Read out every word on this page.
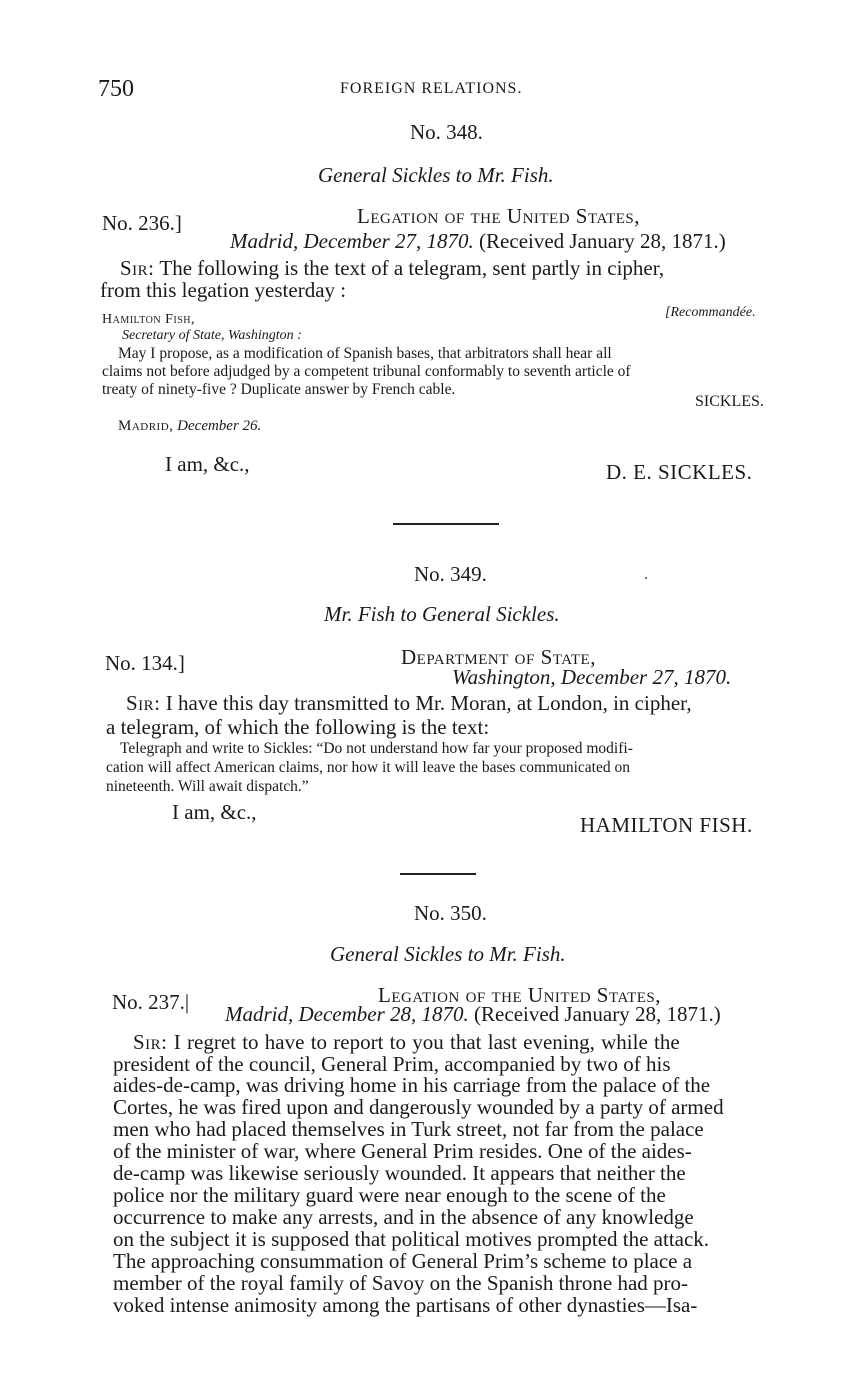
750	FOREIGN RELATIONS.
No. 348.
General Sickles to Mr. Fish.
No. 236.]	Legation of the United States,
Madrid, December 27, 1870. (Received January 28, 1871.)
Sir: The following is the text of a telegram, sent partly in cipher,
from this legation yesterday :
Hamilton Fish,	[Recommandée.
Secretary of State, Washington :
May I propose, as a modification of Spanish bases, that arbitrators shall hear all
claims not before adjudged by a competent tribunal conformably to seventh article of
treaty of ninety-five ? Duplicate answer by French cable.
SICKLES.
Madrid, December 26.
I am, &c.,	D. E. SICKLES.
No. 349.
Mr. Fish to General Sickles.
No. 134.]	Department of State,
Washington, December 27, 1870.
Sir: I have this day transmitted to Mr. Moran, at London, in cipher,
a telegram, of which the following is the text:
Telegraph and write to Sickles: “Do not understand how far your proposed modifi-
cation will affect American claims, nor how it will leave the bases communicated on
nineteenth. Will await dispatch.”
I am, &c.,
HAMILTON FISH.
No. 350.
General Sickles to Mr. Fish.
No. 237.|	Legation of the United States,
Madrid, December 28, 1870. (Received January 28, 1871.)
Sir: I regret to have to report to you that last evening, while the
president of the council, General Prim, accompanied by two of his
aides-de-camp, was driving home in his carriage from the palace of the
Cortes, he was fired upon and dangerously wounded by a party of armed
men who had placed themselves in Turk street, not far from the palace
of the minister of war, where General Prim resides. One of the aides-
de-camp was likewise seriously wounded. It appears that neither the
police nor the military guard were near enough to the scene of the
occurrence to make any arrests, and in the absence of any knowledge
on the subject it is supposed that political motives prompted the attack.
The approaching consummation of General Prim’s scheme to place a
member of the royal family of Savoy on the Spanish throne had pro-
voked intense animosity among the partisans of other dynasties—Isa-
